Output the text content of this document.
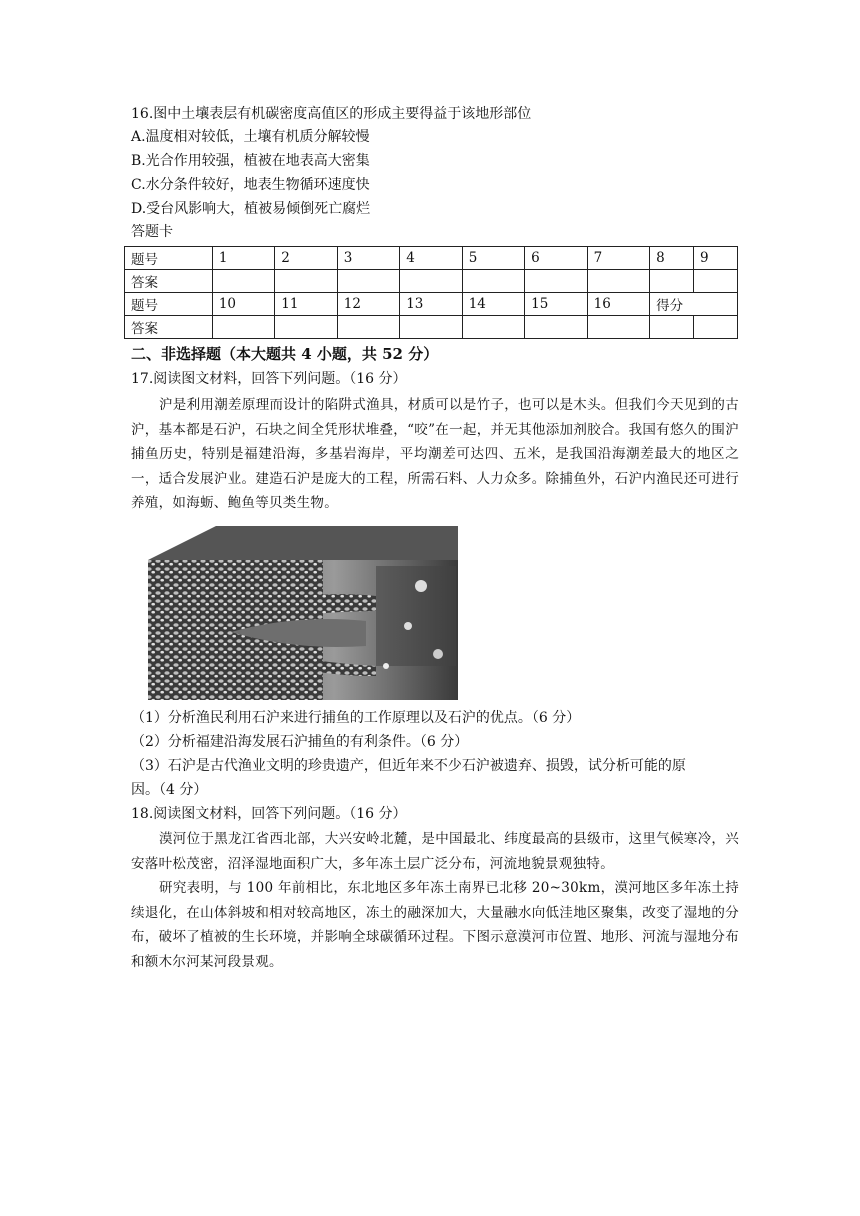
16.图中土壤表层有机碳密度高值区的形成主要得益于该地形部位
A.温度相对较低，土壤有机质分解较慢
B.光合作用较强，植被在地表高大密集
C.水分条件较好，地表生物循环速度快
D.受台风影响大，植被易倾倒死亡腐烂
答题卡
题号	1	2	3	4	5	6	7	8	9
答案									
题号	10	11	12	13	14	15	16	得分	
答案									
二、非选择题（本大题共 4 小题，共 52 分）
17.阅读图文材料，回答下列问题。（16 分）
沪是利用潮差原理而设计的陷阱式渔具，材质可以是竹子，也可以是木头。但我们今天见到的古沪，基本都是石沪，石块之间全凭形状堆叠，“咬”在一起，并无其他添加剂胶合。我国有悠久的围沪捕鱼历史，特别是福建沿海，多基岩海岸，平均潮差可达四、五米，是我国沿海潮差最大的地区之一，适合发展沪业。建造石沪是庞大的工程，所需石料、人力众多。除捕鱼外，石沪内渔民还可进行养殖，如海蛎、鲍鱼等贝类生物。
（1）分析渔民利用石沪来进行捕鱼的工作原理以及石沪的优点。（6 分）
（2）分析福建沿海发展石沪捕鱼的有利条件。（6 分）
（3）石沪是古代渔业文明的珍贵遗产，但近年来不少石沪被遗弃、损毁，试分析可能的原
因。（4 分）
18.阅读图文材料，回答下列问题。（16 分）
漠河位于黑龙江省西北部，大兴安岭北麓，是中国最北、纬度最高的县级市，这里气候寒冷，兴安落叶松茂密，沼泽湿地面积广大，多年冻土层广泛分布，河流地貌景观独特。
研究表明，与 100 年前相比，东北地区多年冻土南界已北移 20~30km，漠河地区多年冻土持续退化，在山体斜坡和相对较高地区，冻土的融深加大，大量融水向低洼地区聚集，改变了湿地的分布，破坏了植被的生长环境，并影响全球碳循环过程。下图示意漠河市位置、地形、河流与湿地分布和额木尔河某河段景观。
